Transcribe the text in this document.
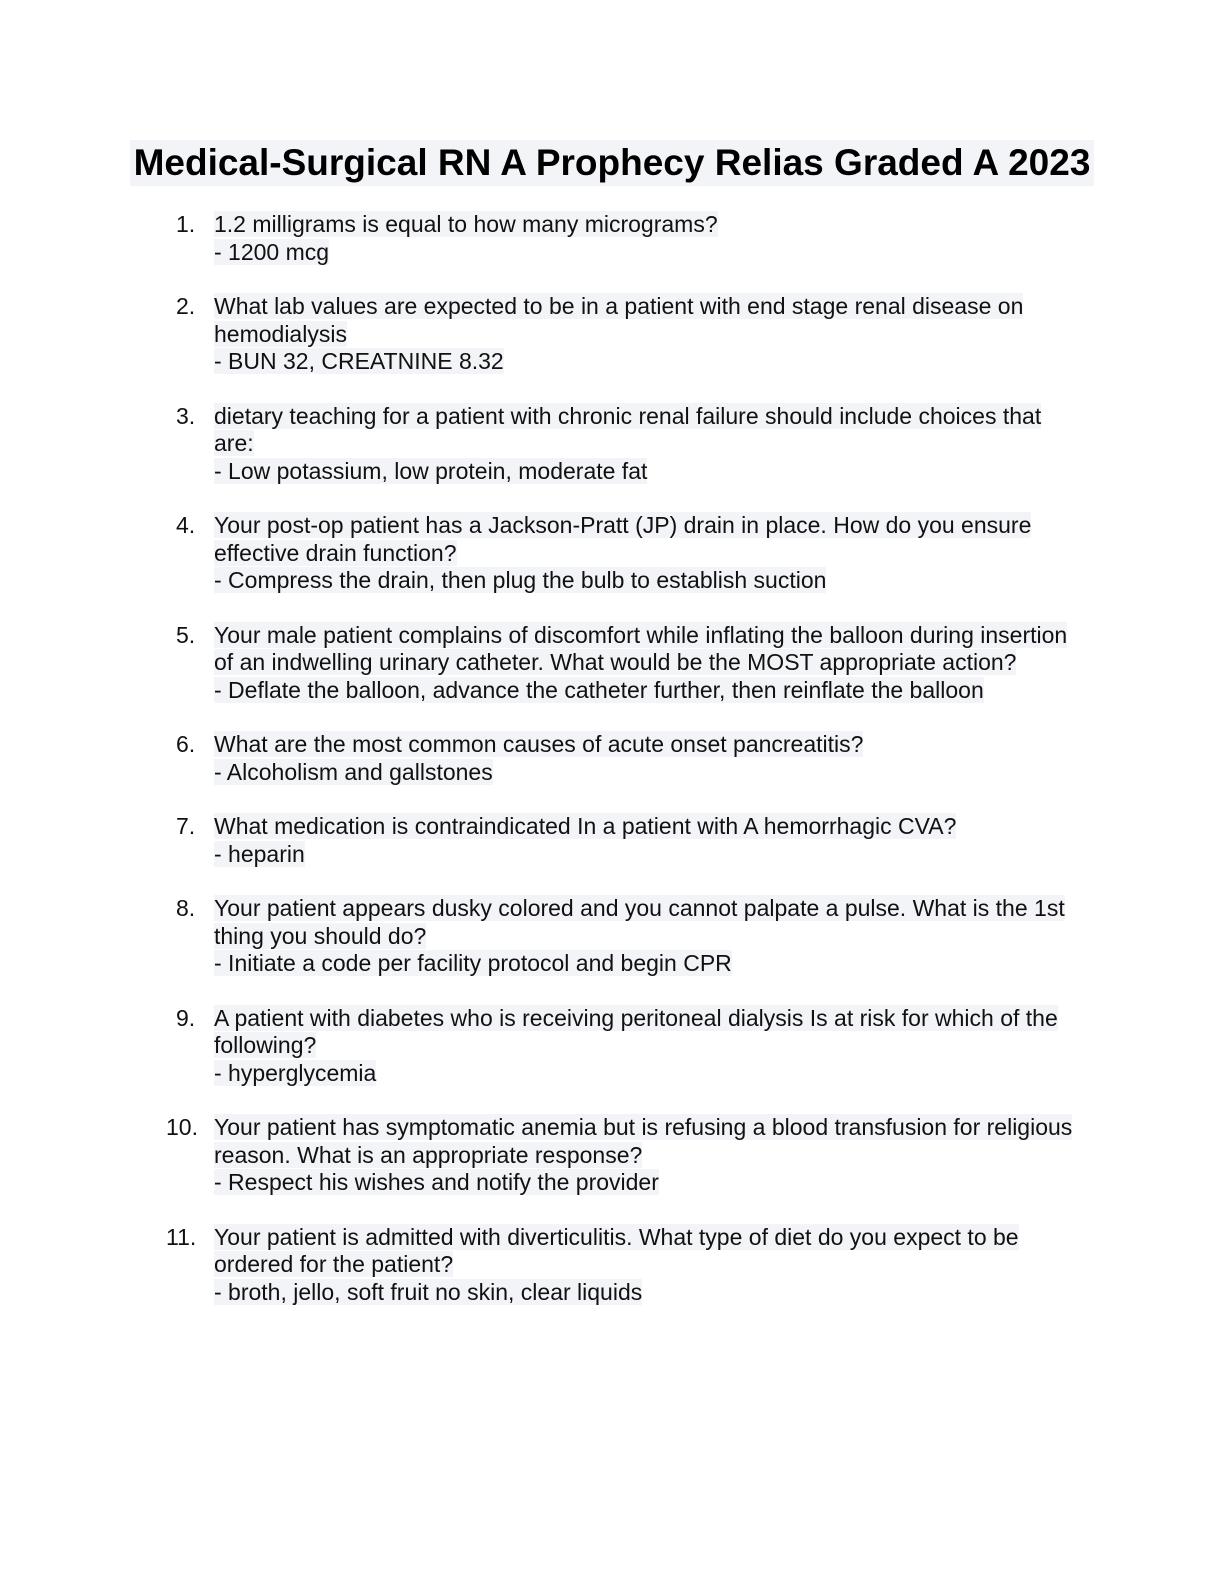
Medical-Surgical RN A Prophecy Relias Graded A 2023
1. 1.2 milligrams is equal to how many micrograms?
- 1200 mcg
2. What lab values are expected to be in a patient with end stage renal disease on hemodialysis
- BUN 32, CREATNINE 8.32
3. dietary teaching for a patient with chronic renal failure should include choices that are:
- Low potassium, low protein, moderate fat
4. Your post-op patient has a Jackson-Pratt (JP) drain in place. How do you ensure effective drain function?
- Compress the drain, then plug the bulb to establish suction
5. Your male patient complains of discomfort while inflating the balloon during insertion of an indwelling urinary catheter. What would be the MOST appropriate action?
- Deflate the balloon, advance the catheter further, then reinflate the balloon
6. What are the most common causes of acute onset pancreatitis?
- Alcoholism and gallstones
7. What medication is contraindicated In a patient with A hemorrhagic CVA?
- heparin
8. Your patient appears dusky colored and you cannot palpate a pulse. What is the 1st thing you should do?
- Initiate a code per facility protocol and begin CPR
9. A patient with diabetes who is receiving peritoneal dialysis Is at risk for which of the following?
- hyperglycemia
10. Your patient has symptomatic anemia but is refusing a blood transfusion for religious reason. What is an appropriate response?
- Respect his wishes and notify the provider
11. Your patient is admitted with diverticulitis. What type of diet do you expect to be ordered for the patient?
- broth, jello, soft fruit no skin, clear liquids
